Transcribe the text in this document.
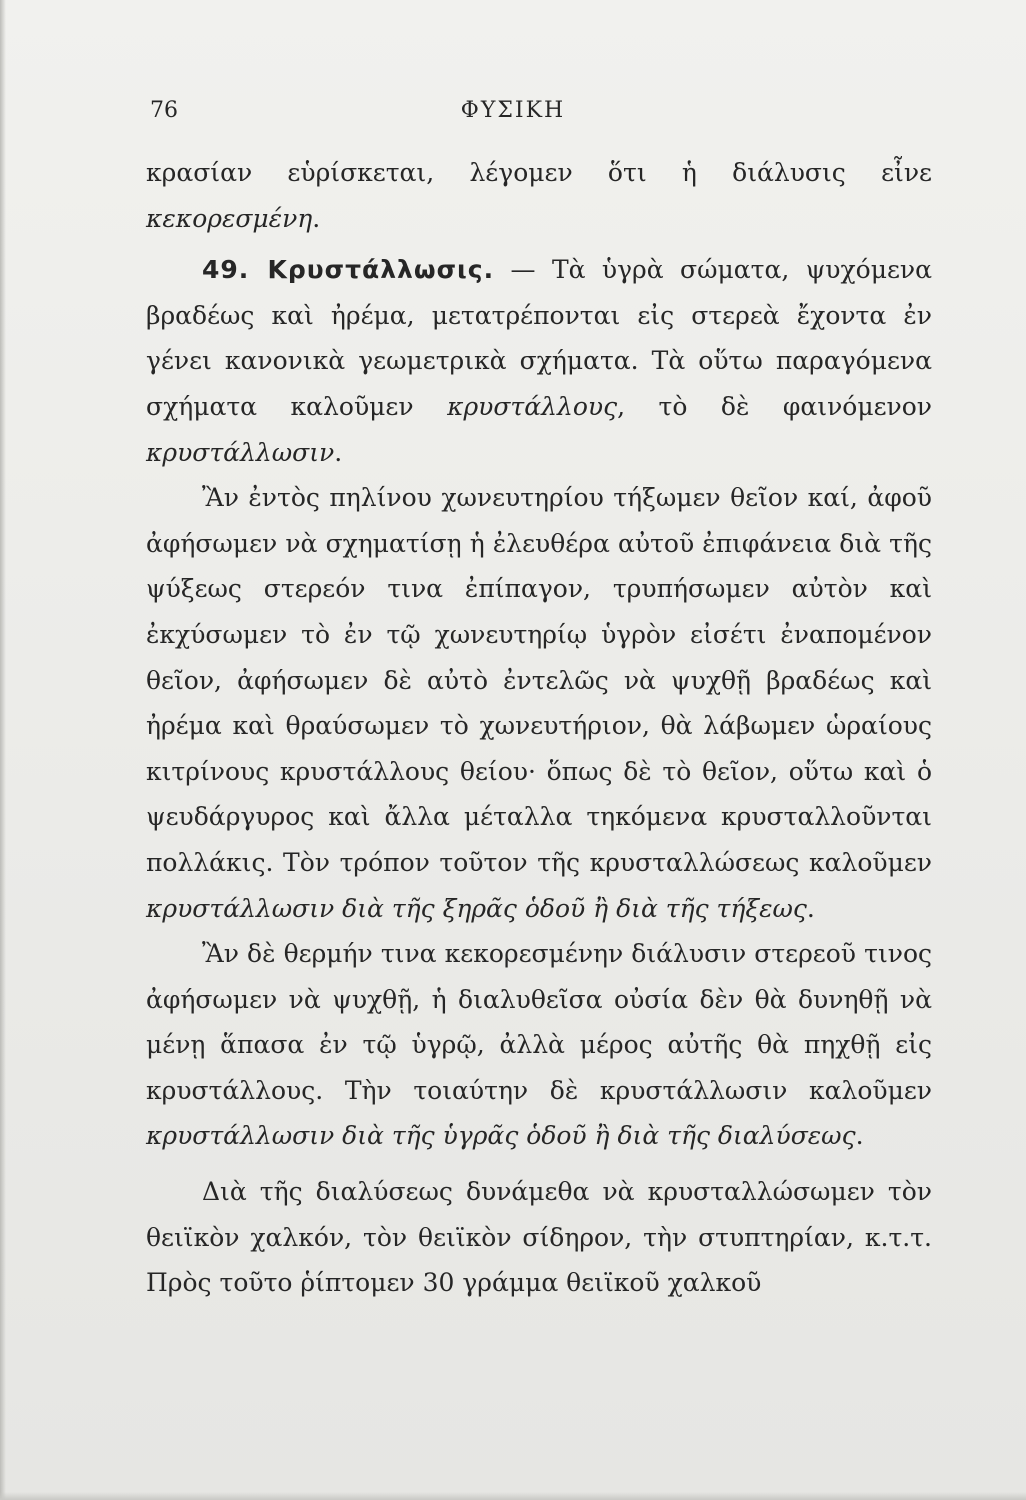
76	ΦΥΣΙΚΗ

κρασίαν εὑρίσκεται, λέγομεν ὅτι ἡ διάλυσις εἶνε κεκορεσμένη.

49. Κρυστάλλωσις. — Τὰ ὑγρὰ σώματα, ψυχόμενα βραδέως καὶ ἠρέμα, μετατρέπονται εἰς στερεὰ ἔχοντα ἐν γένει κανονικὰ γεωμετρικὰ σχήματα. Τὰ οὕτω παραγόμενα σχήματα καλοῦμεν κρυστάλλους, τὸ δὲ φαινόμενον κρυστάλλωσιν.

Ἂν ἐντὸς πηλίνου χωνευτηρίου τήξωμεν θεῖον καί, ἀφοῦ ἀφήσωμεν νὰ σχηματίσῃ ἡ ἐλευθέρα αὐτοῦ ἐπιφάνεια διὰ τῆς ψύξεως στερεόν τινα ἐπίπαγον, τρυπήσωμεν αὐτὸν καὶ ἐκχύσωμεν τὸ ἐν τῷ χωνευτηρίῳ ὑγρὸν εἰσέτι ἐναπομένον θεῖον, ἀφήσωμεν δὲ αὐτὸ ἐντελῶς νὰ ψυχθῇ βραδέως καὶ ἠρέμα καὶ θραύσωμεν τὸ χωνευτήριον, θὰ λάβωμεν ὡραίους κιτρίνους κρυστάλλους θείου· ὅπως δὲ τὸ θεῖον, οὕτω καὶ ὁ ψευδάργυρος καὶ ἄλλα μέταλλα τηκόμενα κρυσταλλοῦνται πολλάκις. Τὸν τρόπον τοῦτον τῆς κρυσταλλώσεως καλοῦμεν κρυστάλλωσιν διὰ τῆς ξηρᾶς ὁδοῦ ἢ διὰ τῆς τήξεως.

Ἂν δὲ θερμήν τινα κεκορεσμένην διάλυσιν στερεοῦ τινος ἀφήσωμεν νὰ ψυχθῇ, ἡ διαλυθεῖσα οὐσία δὲν θὰ δυνηθῇ νὰ μένῃ ἅπασα ἐν τῷ ὑγρῷ, ἀλλὰ μέρος αὐτῆς θὰ πηχθῇ εἰς κρυστάλλους. Τὴν τοιαύτην δὲ κρυστάλλωσιν καλοῦμεν κρυστάλλωσιν διὰ τῆς ὑγρᾶς ὁδοῦ ἢ διὰ τῆς διαλύσεως.

Διὰ τῆς διαλύσεως δυνάμεθα νὰ κρυσταλλώσωμεν τὸν θειϊκὸν χαλκόν, τὸν θειϊκὸν σίδηρον, τὴν στυπτηρίαν, κ.τ.τ. Πρὸς τοῦτο ῥίπτομεν 30 γράμμα θειϊκοῦ χαλκοῦ
